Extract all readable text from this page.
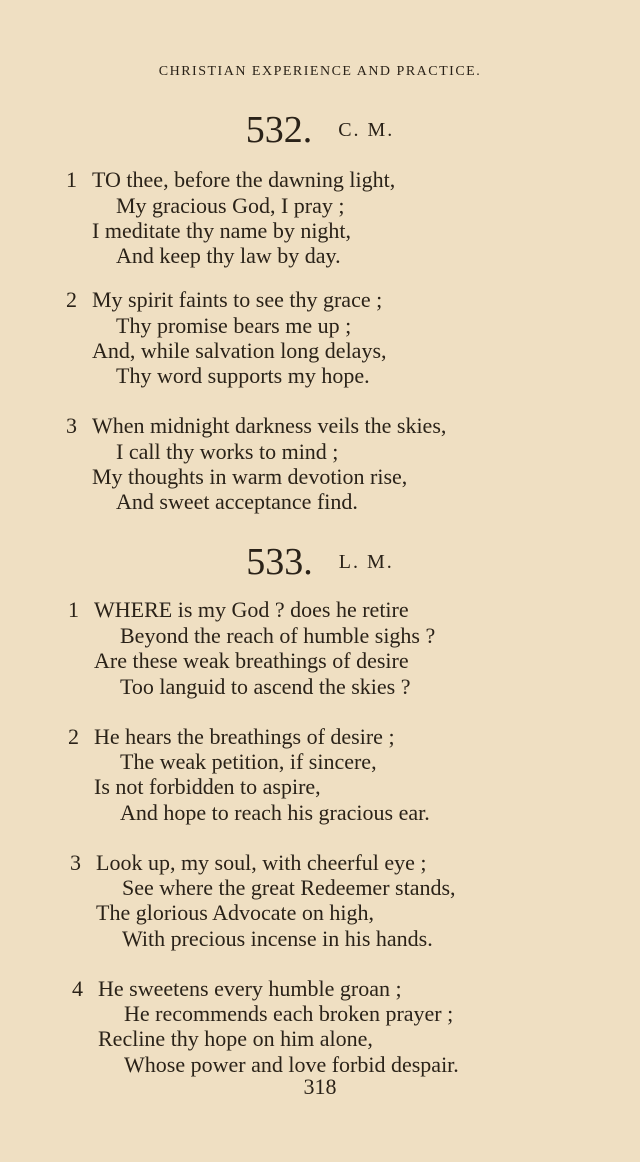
CHRISTIAN EXPERIENCE AND PRACTICE.
532. C. M.
1 TO thee, before the dawning light,
My gracious God, I pray ;
I meditate thy name by night,
And keep thy law by day.
2 My spirit faints to see thy grace ;
Thy promise bears me up ;
And, while salvation long delays,
Thy word supports my hope.
3 When midnight darkness veils the skies,
I call thy works to mind ;
My thoughts in warm devotion rise,
And sweet acceptance find.
533. L. M.
1 WHERE is my God ? does he retire
Beyond the reach of humble sighs ?
Are these weak breathings of desire
Too languid to ascend the skies ?
2 He hears the breathings of desire ;
The weak petition, if sincere,
Is not forbidden to aspire,
And hope to reach his gracious ear.
3 Look up, my soul, with cheerful eye ;
See where the great Redeemer stands,
The glorious Advocate on high,
With precious incense in his hands.
4 He sweetens every humble groan ;
He recommends each broken prayer ;
Recline thy hope on him alone,
Whose power and love forbid despair.
318
